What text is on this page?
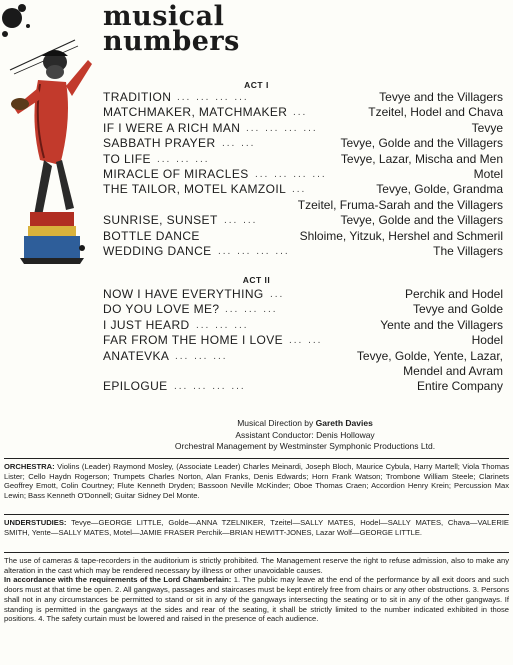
musical
numbers
ACT I
TRADITION ... ... ... ...	Tevye and the Villagers
MATCHMAKER, MATCHMAKER ...	Tzeitel, Hodel and Chava
IF I WERE A RICH MAN ... ... ... ...	Tevye
SABBATH PRAYER ... ...	Tevye, Golde and the Villagers
TO LIFE ... ... ...	Tevye, Lazar, Mischa and Men
MIRACLE OF MIRACLES ... ... ... ...	Motel
THE TAILOR, MOTEL KAMZOIL ...	Tevye, Golde, Grandma
Tzeitel, Fruma-Sarah and the Villagers
SUNRISE, SUNSET ... ...	Tevye, Golde and the Villagers
BOTTLE DANCE	Shloime, Yitzuk, Hershel and Schmeril
WEDDING DANCE ... ... ... ...	The Villagers
ACT II
NOW I HAVE EVERYTHING ...	Perchik and Hodel
DO YOU LOVE ME? ... ... ...	Tevye and Golde
I JUST HEARD ... ... ...	Yente and the Villagers
FAR FROM THE HOME I LOVE ... ...	Hodel
ANATEVKA ... ... ...	Tevye, Golde, Yente, Lazar,
Mendel and Avram
EPILOGUE ... ... ... ...	Entire Company
Musical Direction by Gareth Davies
Assistant Conductor: Denis Holloway
Orchestral Management by Westminster Symphonic Productions Ltd.
ORCHESTRA: Violins (Leader) Raymond Mosley, (Associate Leader) Charles Meinardi, Joseph Bloch, Maurice Cybula, Harry Martell; Viola Thomas Lister; Cello Haydn Rogerson; Trumpets Charles Norton, Alan Franks, Denis Edwards; Horn Frank Watson; Trombone William Steele; Clarinets Geoffrey Emott, Colin Courtney; Flute Kenneth Dryden; Bassoon Neville McKinder; Oboe Thomas Craen; Accordion Henry Krein; Percussion Max Lewin; Bass Kenneth O'Donnell; Guitar Sidney Del Monte.
UNDERSTUDIES: Tevye—GEORGE LITTLE, Golde—ANNA TZELNIKER, Tzeitel—SALLY MATES, Hodel—SALLY MATES, Chava—VALERIE SMITH, Yente—SALLY MATES, Motel—JAMIE FRASER Perchik—BRIAN HEWITT-JONES, Lazar Wolf—GEORGE LITTLE.
The use of cameras & tape-recorders in the auditorium is strictly prohibited. The Management reserve the right to refuse admission, also to make any alteration in the cast which may be rendered necessary by illness or other unavoidable causes.
In accordance with the requirements of the Lord Chamberlain: 1. The public may leave at the end of the performance by all exit doors and such doors must at that time be open. 2. All gangways, passages and staircases must be kept entirely free from chairs or any other obstructions. 3. Persons shall not in any circumstances be permitted to stand or sit in any of the gangways intersecting the seating or to sit in any of the other gangways. If standing is permitted in the gangways at the sides and rear of the seating, it shall be strictly limited to the number indicated exhibited in those positions. 4. The safety curtain must be lowered and raised in the presence of each audience.
